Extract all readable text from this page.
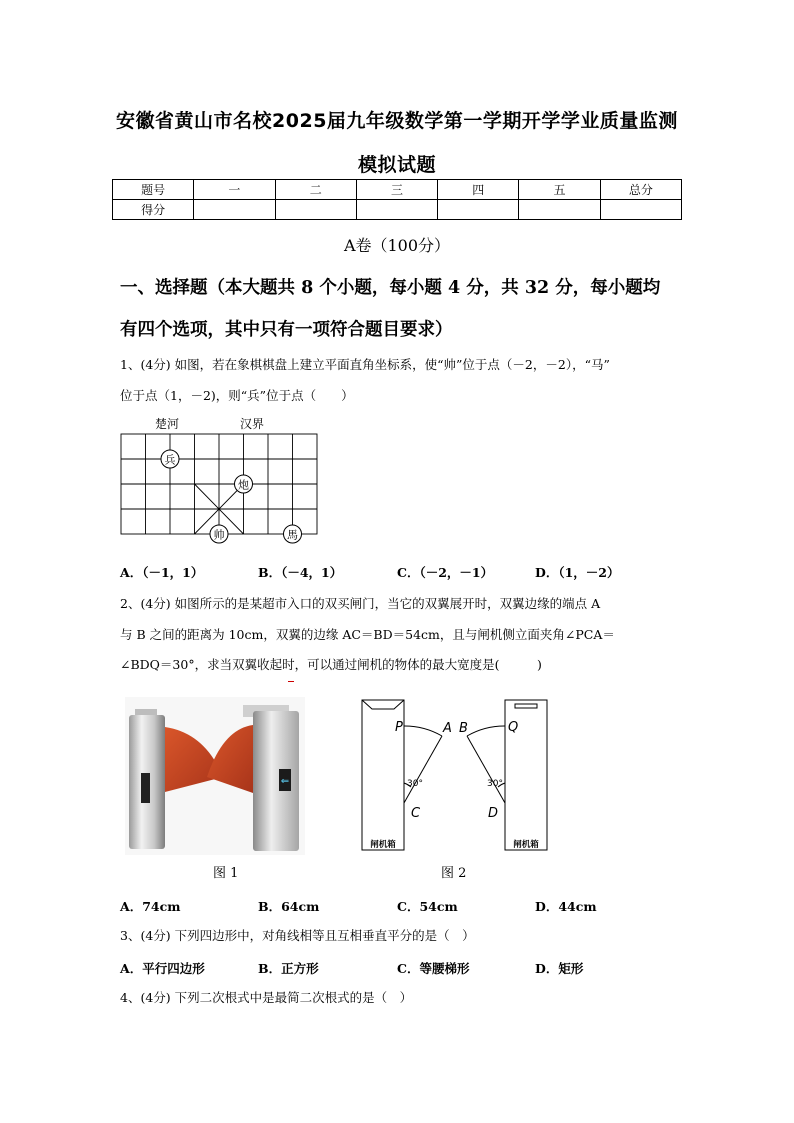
安徽省黄山市名校2025届九年级数学第一学期开学学业质量监测
模拟试题
题号	一	二	三	四	五	总分
得分						
A卷（100分）
一、选择题（本大题共 8 个小题，每小题 4 分，共 32 分，每小题均
有四个选项，其中只有一项符合题目要求）
1、(4分) 如图，若在象棋棋盘上建立平面直角坐标系，使“帅”位于点（－2，－2），“马”
位于点（1，－2)，则“兵”位于点（　　）
楚河	汉界
兵
炮
帅	馬
A．（－1，1）	B．（－4，1）	C．（－2，－1）	D．（1，－2）
2、(4分) 如图所示的是某超市入口的双买闸门，当它的双翼展开时，双翼边缘的端点 A
与 B 之间的距离为 10cm，双翼的边缘 AC＝BD＝54cm，且与闸机侧立面夹角∠PCA＝
∠BDQ＝30°，求当双翼收起时，可以通过闸机的物体的最大宽度是(　　　)
⇐
图 1
P	A B	Q
C	D
30°	30°
闸机箱	闸机箱
图 2
A．74cm	B．64cm	C．54cm	D．44cm
3、(4分) 下列四边形中，对角线相等且互相垂直平分的是（　）
A．平行四边形	B．正方形	C．等腰梯形	D．矩形
4、(4分) 下列二次根式中是最简二次根式的是（　）
